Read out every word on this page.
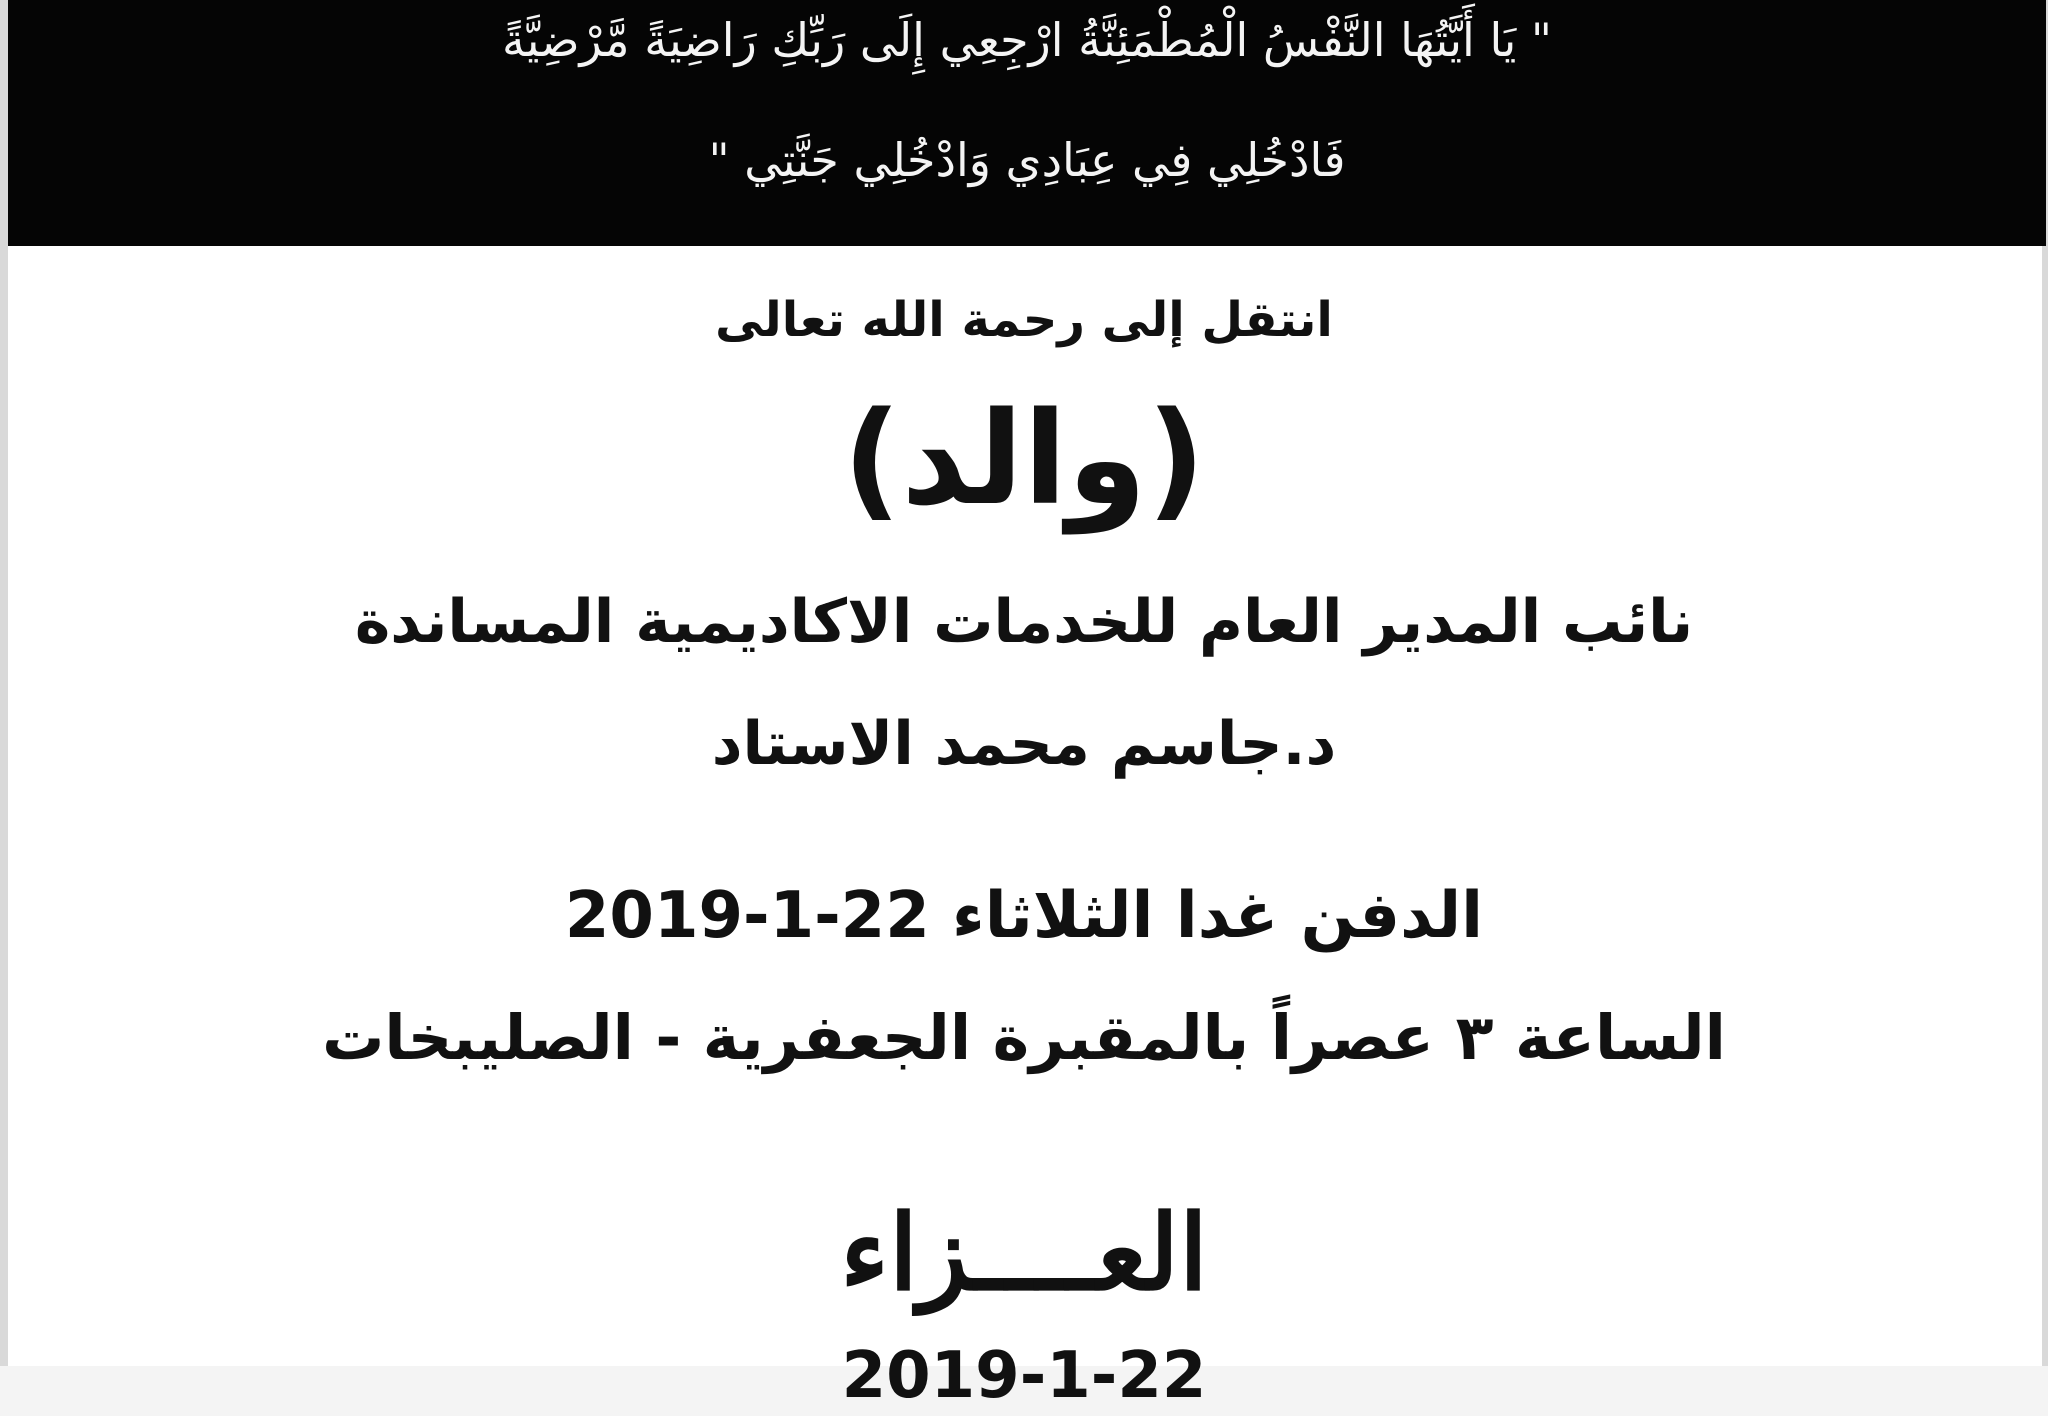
" يَا أَيَّتُهَا النَّفْسُ الْمُطْمَئِنَّةُ ارْجِعِي إِلَى رَبِّكِ رَاضِيَةً مَّرْضِيَّةً
فَادْخُلِي فِي عِبَادِي وَادْخُلِي جَنَّتِي "
انتقل إلى رحمة الله تعالى
(والد)
نائب المدير العام للخدمات الاكاديمية المساندة
د.جاسم محمد الاستاد
الدفن غدا الثلاثاء 22-1-2019
الساعة ٣ عصراً بالمقبرة الجعفرية - الصليبخات
العــــزاء
2019-1-22
